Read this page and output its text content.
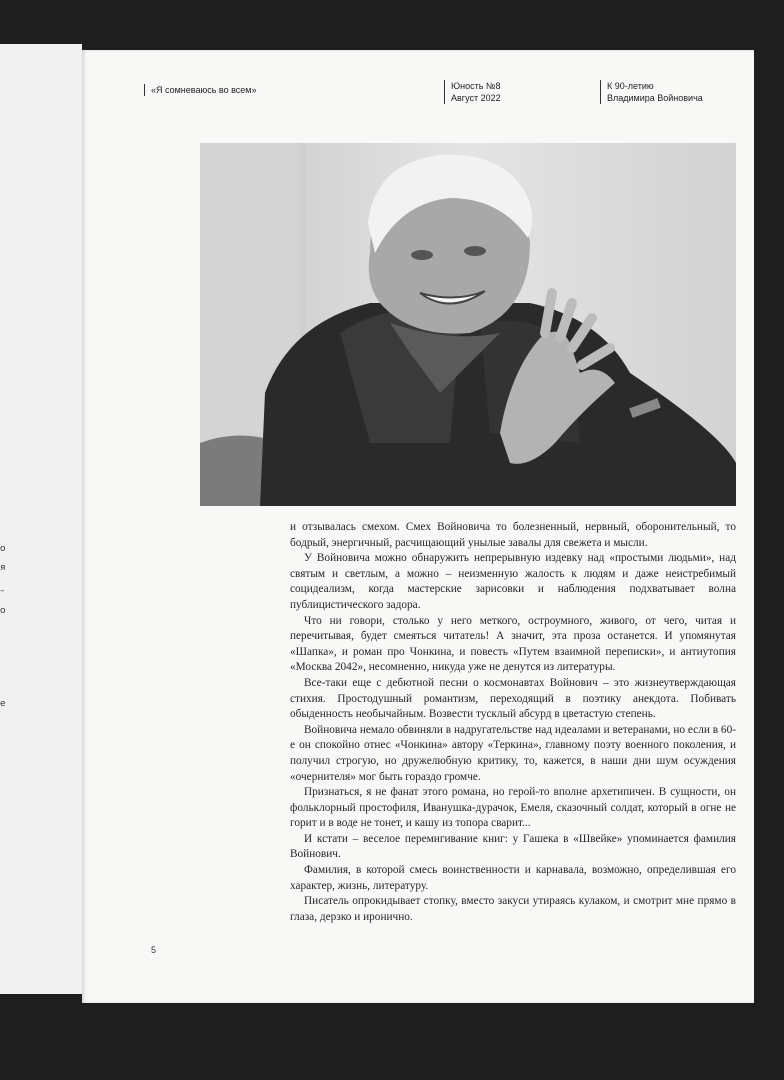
о
я
–
о
е
«Я сомневаюсь во всем»	Юность №8
Август 2022
К 90-летию
Владимира Войновича

и отзывалась смехом. Смех Войновича то болезненный, нервный, оборонительный, то бодрый, энергичный, расчищающий унылые завалы для свежета и мысли.

У Войновича можно обнаружить непрерывную издевку над «простыми людьми», над святым и светлым, а можно – неизменную жалость к людям и даже неистребимый социдеализм, когда мастерские зарисовки и наблюдения подхватывает волна публицистического задора.

Что ни говори, столько у него меткого, остроумного, живого, от чего, читая и перечитывая, будет смеяться читатель! А значит, эта проза останется. И упомянутая «Шапка», и роман про Чонкина, и повесть «Путем взаимной переписки», и антиутопия «Москва 2042», несомненно, никуда уже не денутся из литературы.

Все-таки еще с дебютной песни о космонавтах Войнович – это жизнеутверждающая стихия. Простодушный романтизм, переходящий в поэтику анекдота. Побивать обыденность необычайным. Возвести тусклый абсурд в цветастую степень.

Войновича немало обвиняли в надругательстве над идеалами и ветеранами, но если в 60-е он спокойно отнес «Чонкина» автору «Теркина», главному поэту военного поколения, и получил строгую, но дружелюбную критику, то, кажется, в наши дни шум осуждения «очернителя» мог быть гораздо громче.

Признаться, я не фанат этого романа, но герой-то вполне архетипичен. В сущности, он фольклорный простофиля, Иванушка-дурачок, Емеля, сказочный солдат, который в огне не горит и в воде не тонет, и кашу из топора сварит...

И кстати – веселое перемигивание книг: у Гашека в «Швейке» упоминается фамилия Войнович.

Фамилия, в которой смесь воинственности и карнавала, возможно, определившая его характер, жизнь, литературу.

Писатель опрокидывает стопку, вместо закуси утираясь кулаком, и смотрит мне прямо в глаза, дерзко и иронично.

5
